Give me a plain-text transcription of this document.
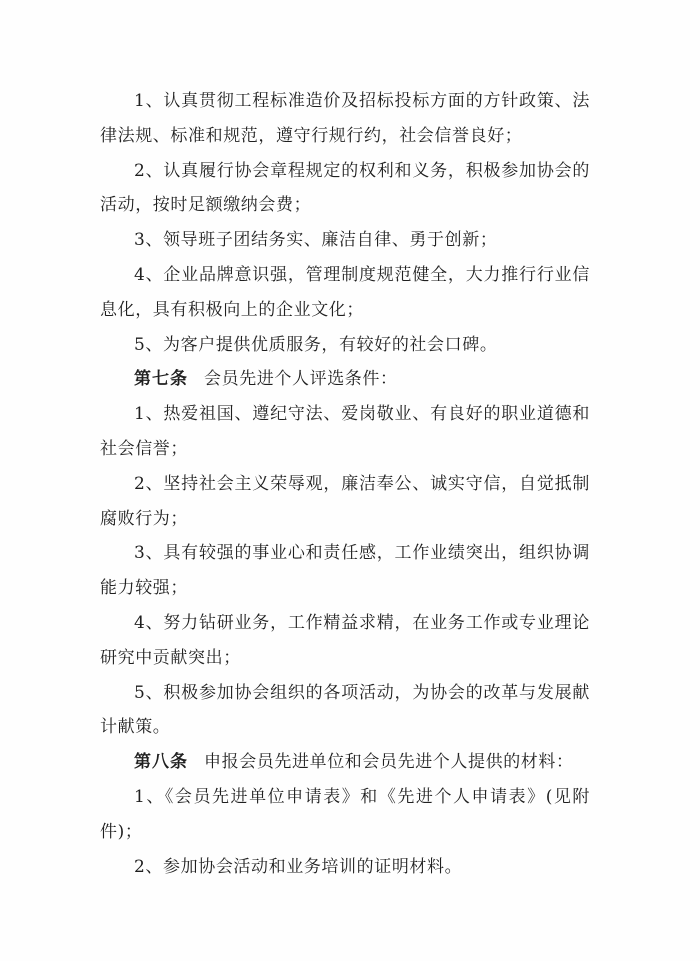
1、认真贯彻工程标准造价及招标投标方面的方针政策、法律法规、标准和规范，遵守行规行约，社会信誉良好；

2、认真履行协会章程规定的权利和义务，积极参加协会的活动，按时足额缴纳会费；

3、领导班子团结务实、廉洁自律、勇于创新；

4、企业品牌意识强，管理制度规范健全，大力推行行业信息化，具有积极向上的企业文化；

5、为客户提供优质服务，有较好的社会口碑。

第七条 会员先进个人评选条件：

1、热爱祖国、遵纪守法、爱岗敬业、有良好的职业道德和社会信誉；

2、坚持社会主义荣辱观，廉洁奉公、诚实守信，自觉抵制腐败行为；

3、具有较强的事业心和责任感，工作业绩突出，组织协调能力较强；

4、努力钻研业务，工作精益求精，在业务工作或专业理论研究中贡献突出；

5、积极参加协会组织的各项活动，为协会的改革与发展献计献策。

第八条 申报会员先进单位和会员先进个人提供的材料：

1、《会员先进单位申请表》和《先进个人申请表》(见附件)；

2、参加协会活动和业务培训的证明材料。
